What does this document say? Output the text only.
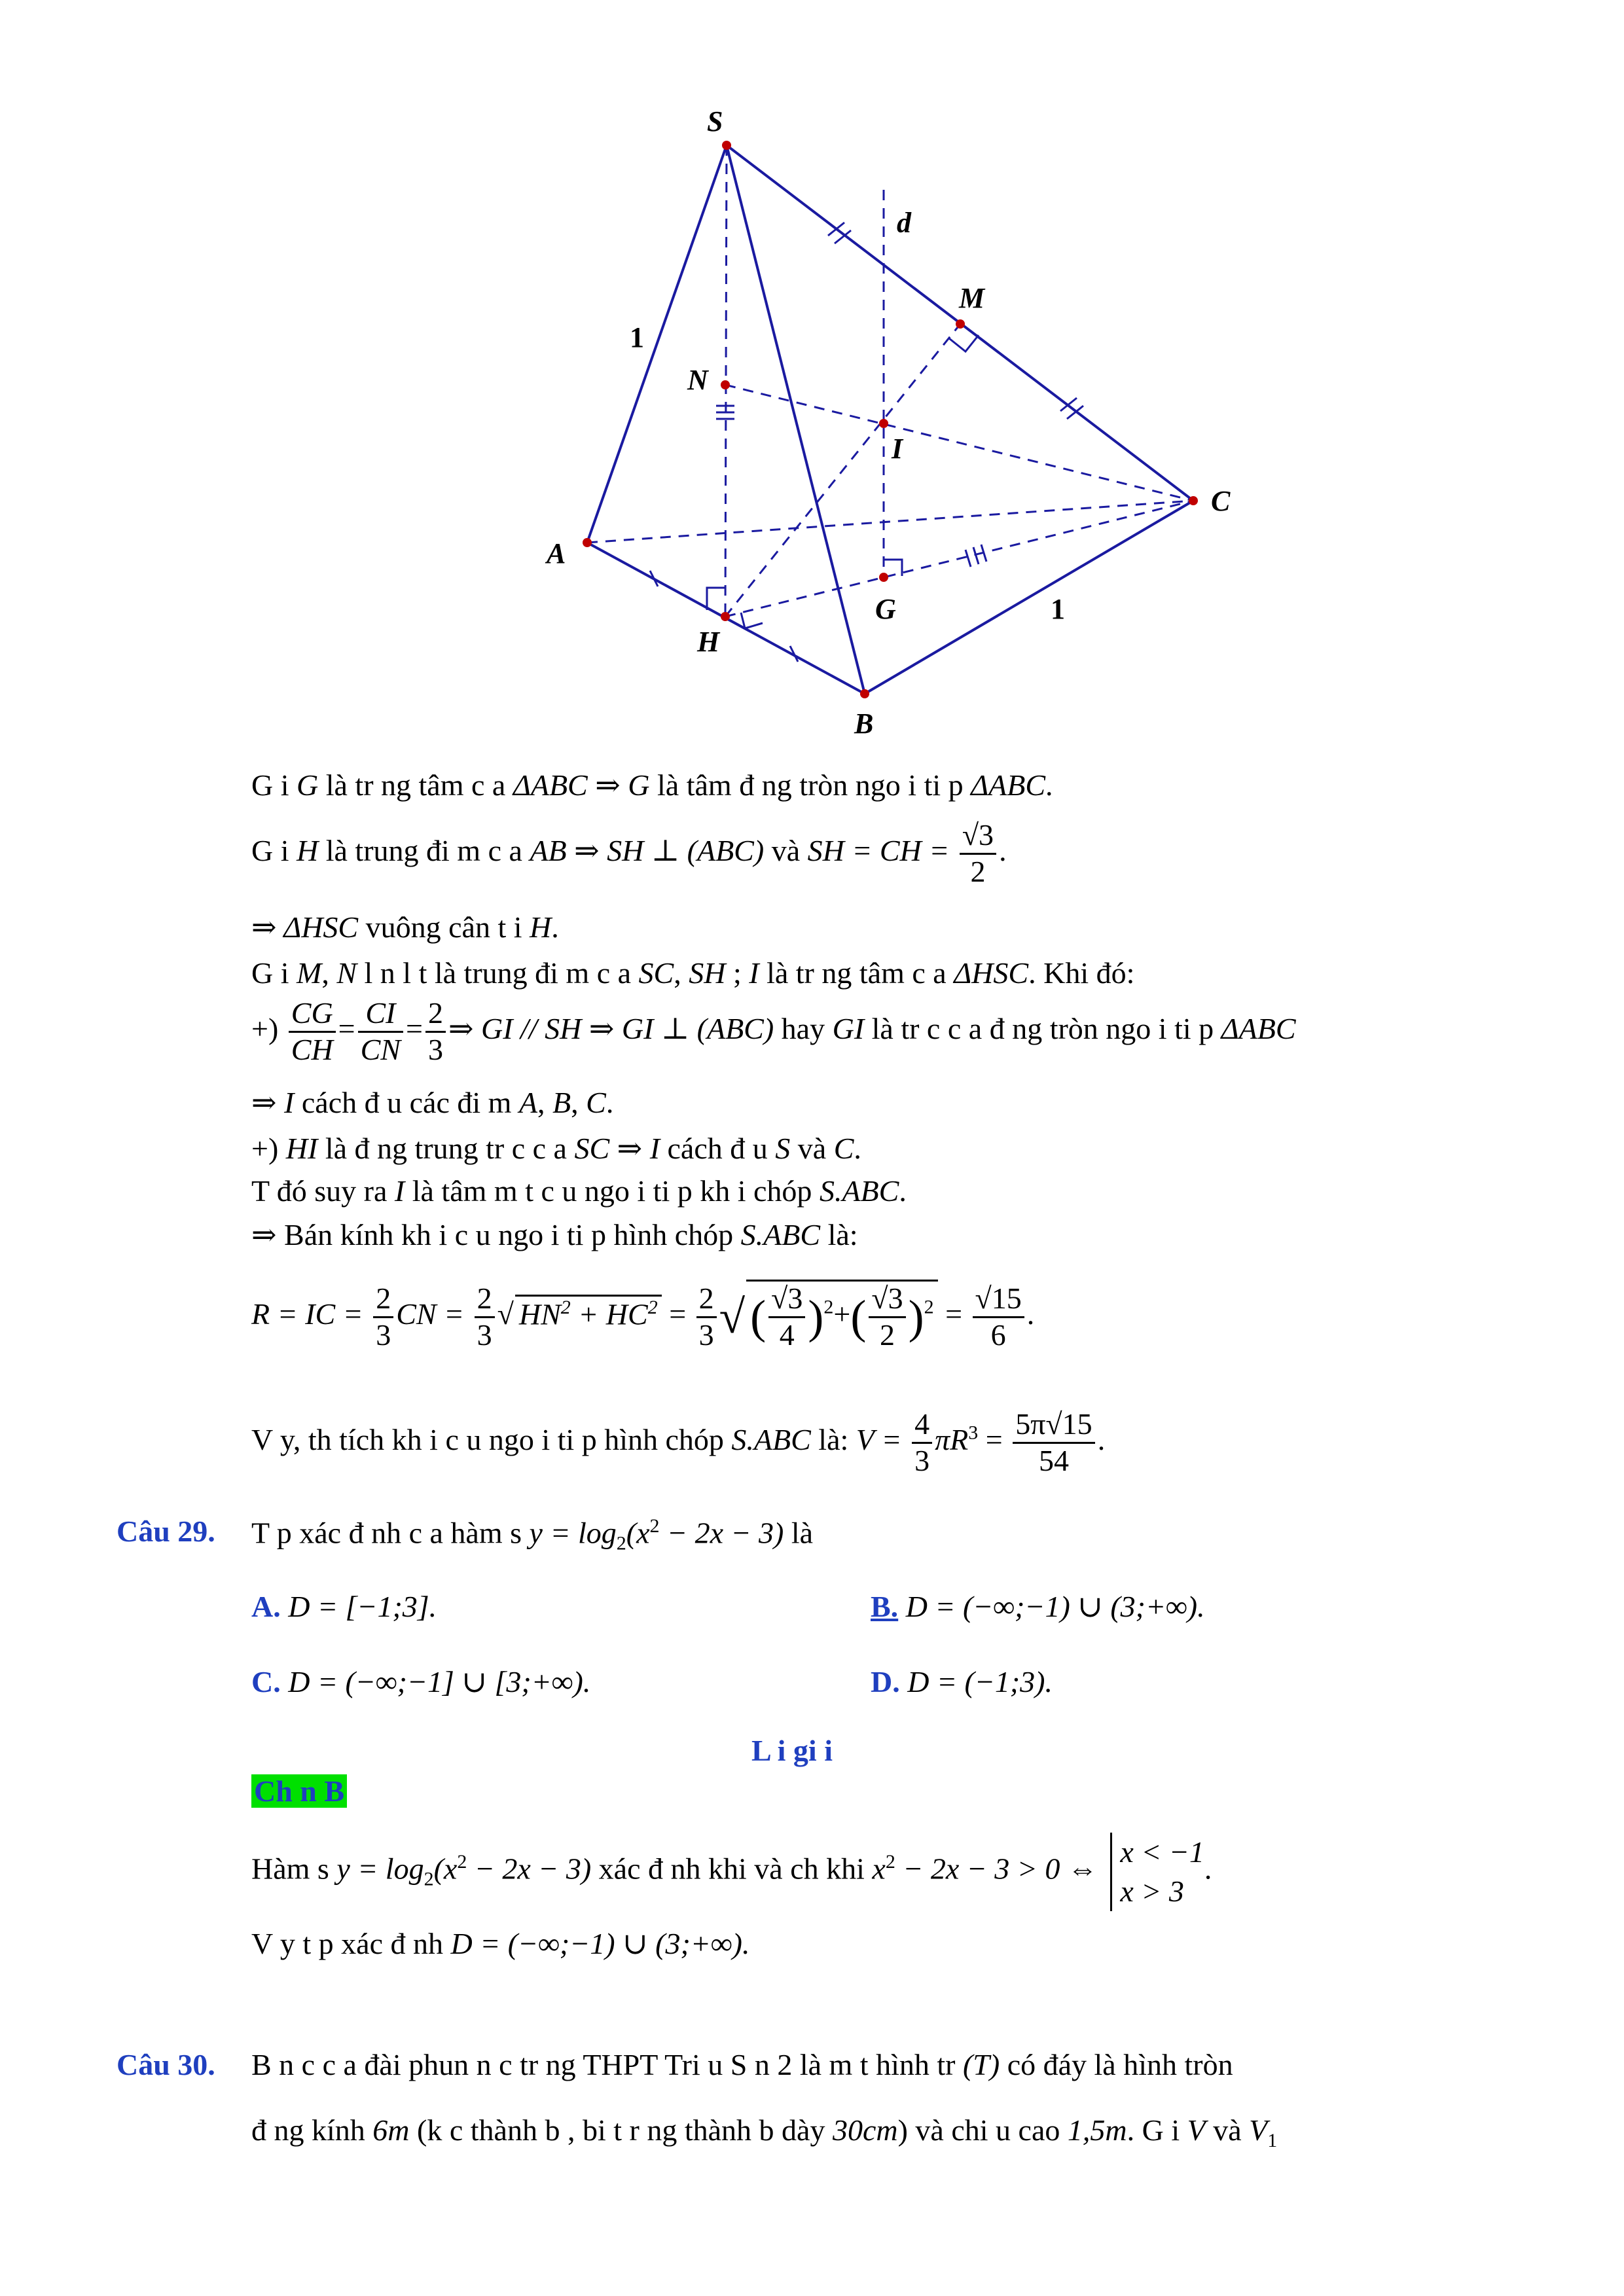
S
A
B
C
H
G
M
N
I
d
1
1
G i G là tr ng tâm c a ΔABC ⇒ G là tâm đ ng tròn ngo i ti p ΔABC.
G i H là trung đi m c a AB ⇒ SH ⊥ (ABC) và SH = CH = $\frac{√3}{2}$ .
⇒ ΔHSC vuông cân t i H.
G i M, N l n l t là trung đi m c a SC, SH ; I là tr ng tâm c a ΔHSC. Khi đó:
+) $\frac{CG}{CH} = \frac{CI}{CN} = \frac{2}{3}$ ⇒ GI // SH ⇒ GI ⊥ (ABC) hay GI là tr c c a đ ng tròn ngo i ti p ΔABC
⇒ I cách đ u các đi m A, B, C.
+) HI là đ ng trung tr c c a SC ⇒ I cách đ u S và C.
T đó suy ra I là tâm m t c u ngo i ti p kh i chóp S.ABC.
⇒ Bán kính kh i c u ngo i ti p hình chóp S.ABC là:
R = IC = $\frac{2}{3}$ CN = $\frac{2}{3}$ √ $HN^2 + HC^2 = \frac{2}{3}$ √ ( $\frac{√3}{4} )^2+( \frac{√3}{2} )^2 = \frac{√15}{6}$ .
V y, th tích kh i c u ngo i ti p hình chóp S.ABC là: $V = \frac{4}{3} \pi R^3 = \frac{5\pi√15}{54}$ .
Câu 29. T p xác đ nh c a hàm s $y = \log_2(x^2 - 2x - 3)$ là
A. D = [−1;3].	B. D = (−∞;−1) ∪ (3;+∞).
C. D = (−∞;−1] ∪ [3;+∞).	D. D = (−1;3).
L i gi i
Ch n B
Hàm s $y = \log_2(x^2 - 2x - 3)$ xác đ nh khi và ch khi $x^2 - 2x - 3 > 0$ ⇔ x < −1
x > 3
.
V y t p xác đ nh D = (−∞;−1) ∪ (3;+∞).
Câu 30. B n c c a đài phun n c tr ng THPT Tri u S n 2 là m t hình tr (T) có đáy là hình tròn
đ ng kính 6m (k c thành b , bi t r ng thành b dày 30cm) và chi u cao 1,5m. G i V và $V_1$
